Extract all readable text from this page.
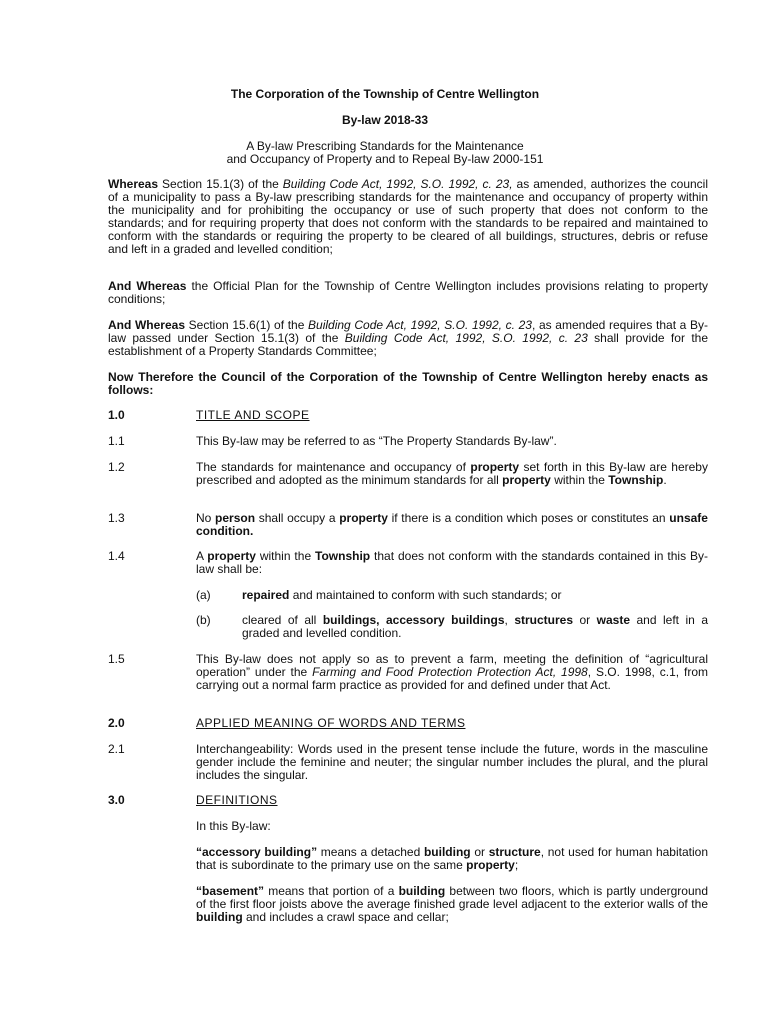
The Corporation of the Township of Centre Wellington
By-law 2018-33
A By-law Prescribing Standards for the Maintenance
and Occupancy of Property and to Repeal By-law 2000-151
Whereas Section 15.1(3) of the Building Code Act, 1992, S.O. 1992, c. 23, as amended, authorizes the council of a municipality to pass a By-law prescribing standards for the maintenance and occupancy of property within the municipality and for prohibiting the occupancy or use of such property that does not conform to the standards; and for requiring property that does not conform with the standards to be repaired and maintained to conform with the standards or requiring the property to be cleared of all buildings, structures, debris or refuse and left in a graded and levelled condition;
And Whereas the Official Plan for the Township of Centre Wellington includes provisions relating to property conditions;
And Whereas Section 15.6(1) of the Building Code Act, 1992, S.O. 1992, c. 23, as amended requires that a By-law passed under Section 15.1(3) of the Building Code Act, 1992, S.O. 1992, c. 23 shall provide for the establishment of a Property Standards Committee;
Now Therefore the Council of the Corporation of the Township of Centre Wellington hereby enacts as follows:
1.0	TITLE AND SCOPE
1.1	This By-law may be referred to as “The Property Standards By-law”.
1.2	The standards for maintenance and occupancy of property set forth in this By-law are hereby prescribed and adopted as the minimum standards for all property within the Township.
1.3	No person shall occupy a property if there is a condition which poses or constitutes an unsafe condition.
1.4	A property within the Township that does not conform with the standards contained in this By-law shall be:
(a)	repaired and maintained to conform with such standards; or
(b)	cleared of all buildings, accessory buildings, structures or waste and left in a graded and levelled condition.
1.5	This By-law does not apply so as to prevent a farm, meeting the definition of “agricultural operation” under the Farming and Food Protection Protection Act, 1998, S.O. 1998, c.1, from carrying out a normal farm practice as provided for and defined under that Act.
2.0	APPLIED MEANING OF WORDS AND TERMS
2.1	Interchangeability: Words used in the present tense include the future, words in the masculine gender include the feminine and neuter; the singular number includes the plural, and the plural includes the singular.
3.0	DEFINITIONS
In this By-law:
“accessory building” means a detached building or structure, not used for human habitation that is subordinate to the primary use on the same property;
“basement” means that portion of a building between two floors, which is partly underground of the first floor joists above the average finished grade level adjacent to the exterior walls of the building and includes a crawl space and cellar;
